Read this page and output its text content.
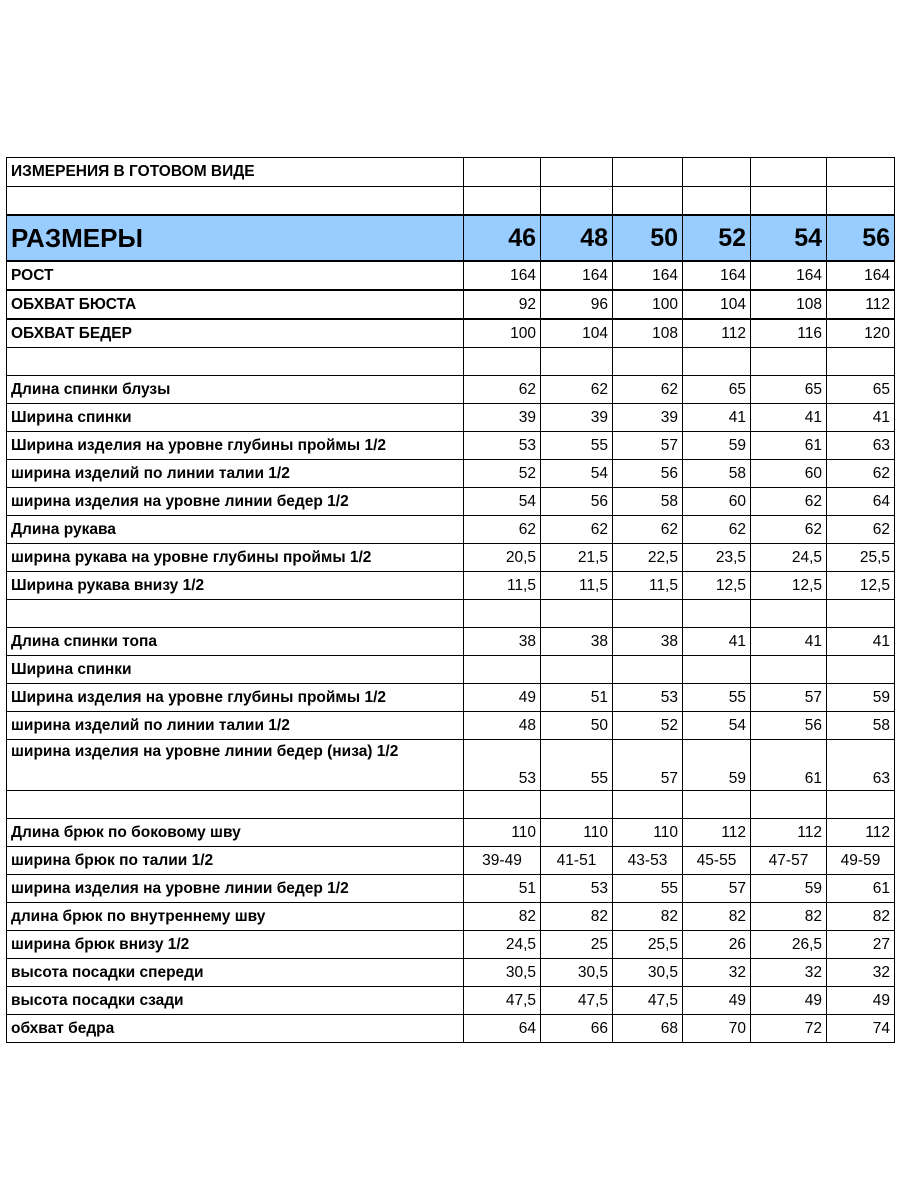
ИЗМЕРЕНИЯ В ГОТОВОМ ВИДЕ						

РАЗМЕРЫ	46	48	50	52	54	56
РОСТ	164	164	164	164	164	164
ОБХВАТ БЮСТА	92	96	100	104	108	112
ОБХВАТ БЕДЕР	100	104	108	112	116	120

Длина спинки блузы	62	62	62	65	65	65
Ширина спинки	39	39	39	41	41	41
Ширина изделия на уровне глубины проймы 1/2	53	55	57	59	61	63
ширина изделий по линии талии 1/2	52	54	56	58	60	62
ширина изделия на уровне линии бедер 1/2	54	56	58	60	62	64
Длина рукава	62	62	62	62	62	62
ширина рукава на уровне глубины проймы 1/2	20,5	21,5	22,5	23,5	24,5	25,5
Ширина рукава внизу 1/2	11,5	11,5	11,5	12,5	12,5	12,5

Длина спинки топа	38	38	38	41	41	41
Ширина спинки						
Ширина изделия на уровне глубины проймы 1/2	49	51	53	55	57	59
ширина изделий по линии талии 1/2	48	50	52	54	56	58
ширина изделия на уровне линии бедер (низа) 1/2	53	55	57	59	61	63

Длина брюк по боковому шву	110	110	110	112	112	112
ширина брюк по талии 1/2	39-49	41-51	43-53	45-55	47-57	49-59
ширина изделия на уровне линии бедер 1/2	51	53	55	57	59	61
длина брюк по внутреннему шву	82	82	82	82	82	82
ширина брюк внизу 1/2	24,5	25	25,5	26	26,5	27
высота посадки спереди	30,5	30,5	30,5	32	32	32
высота посадки сзади	47,5	47,5	47,5	49	49	49
обхват бедра	64	66	68	70	72	74
